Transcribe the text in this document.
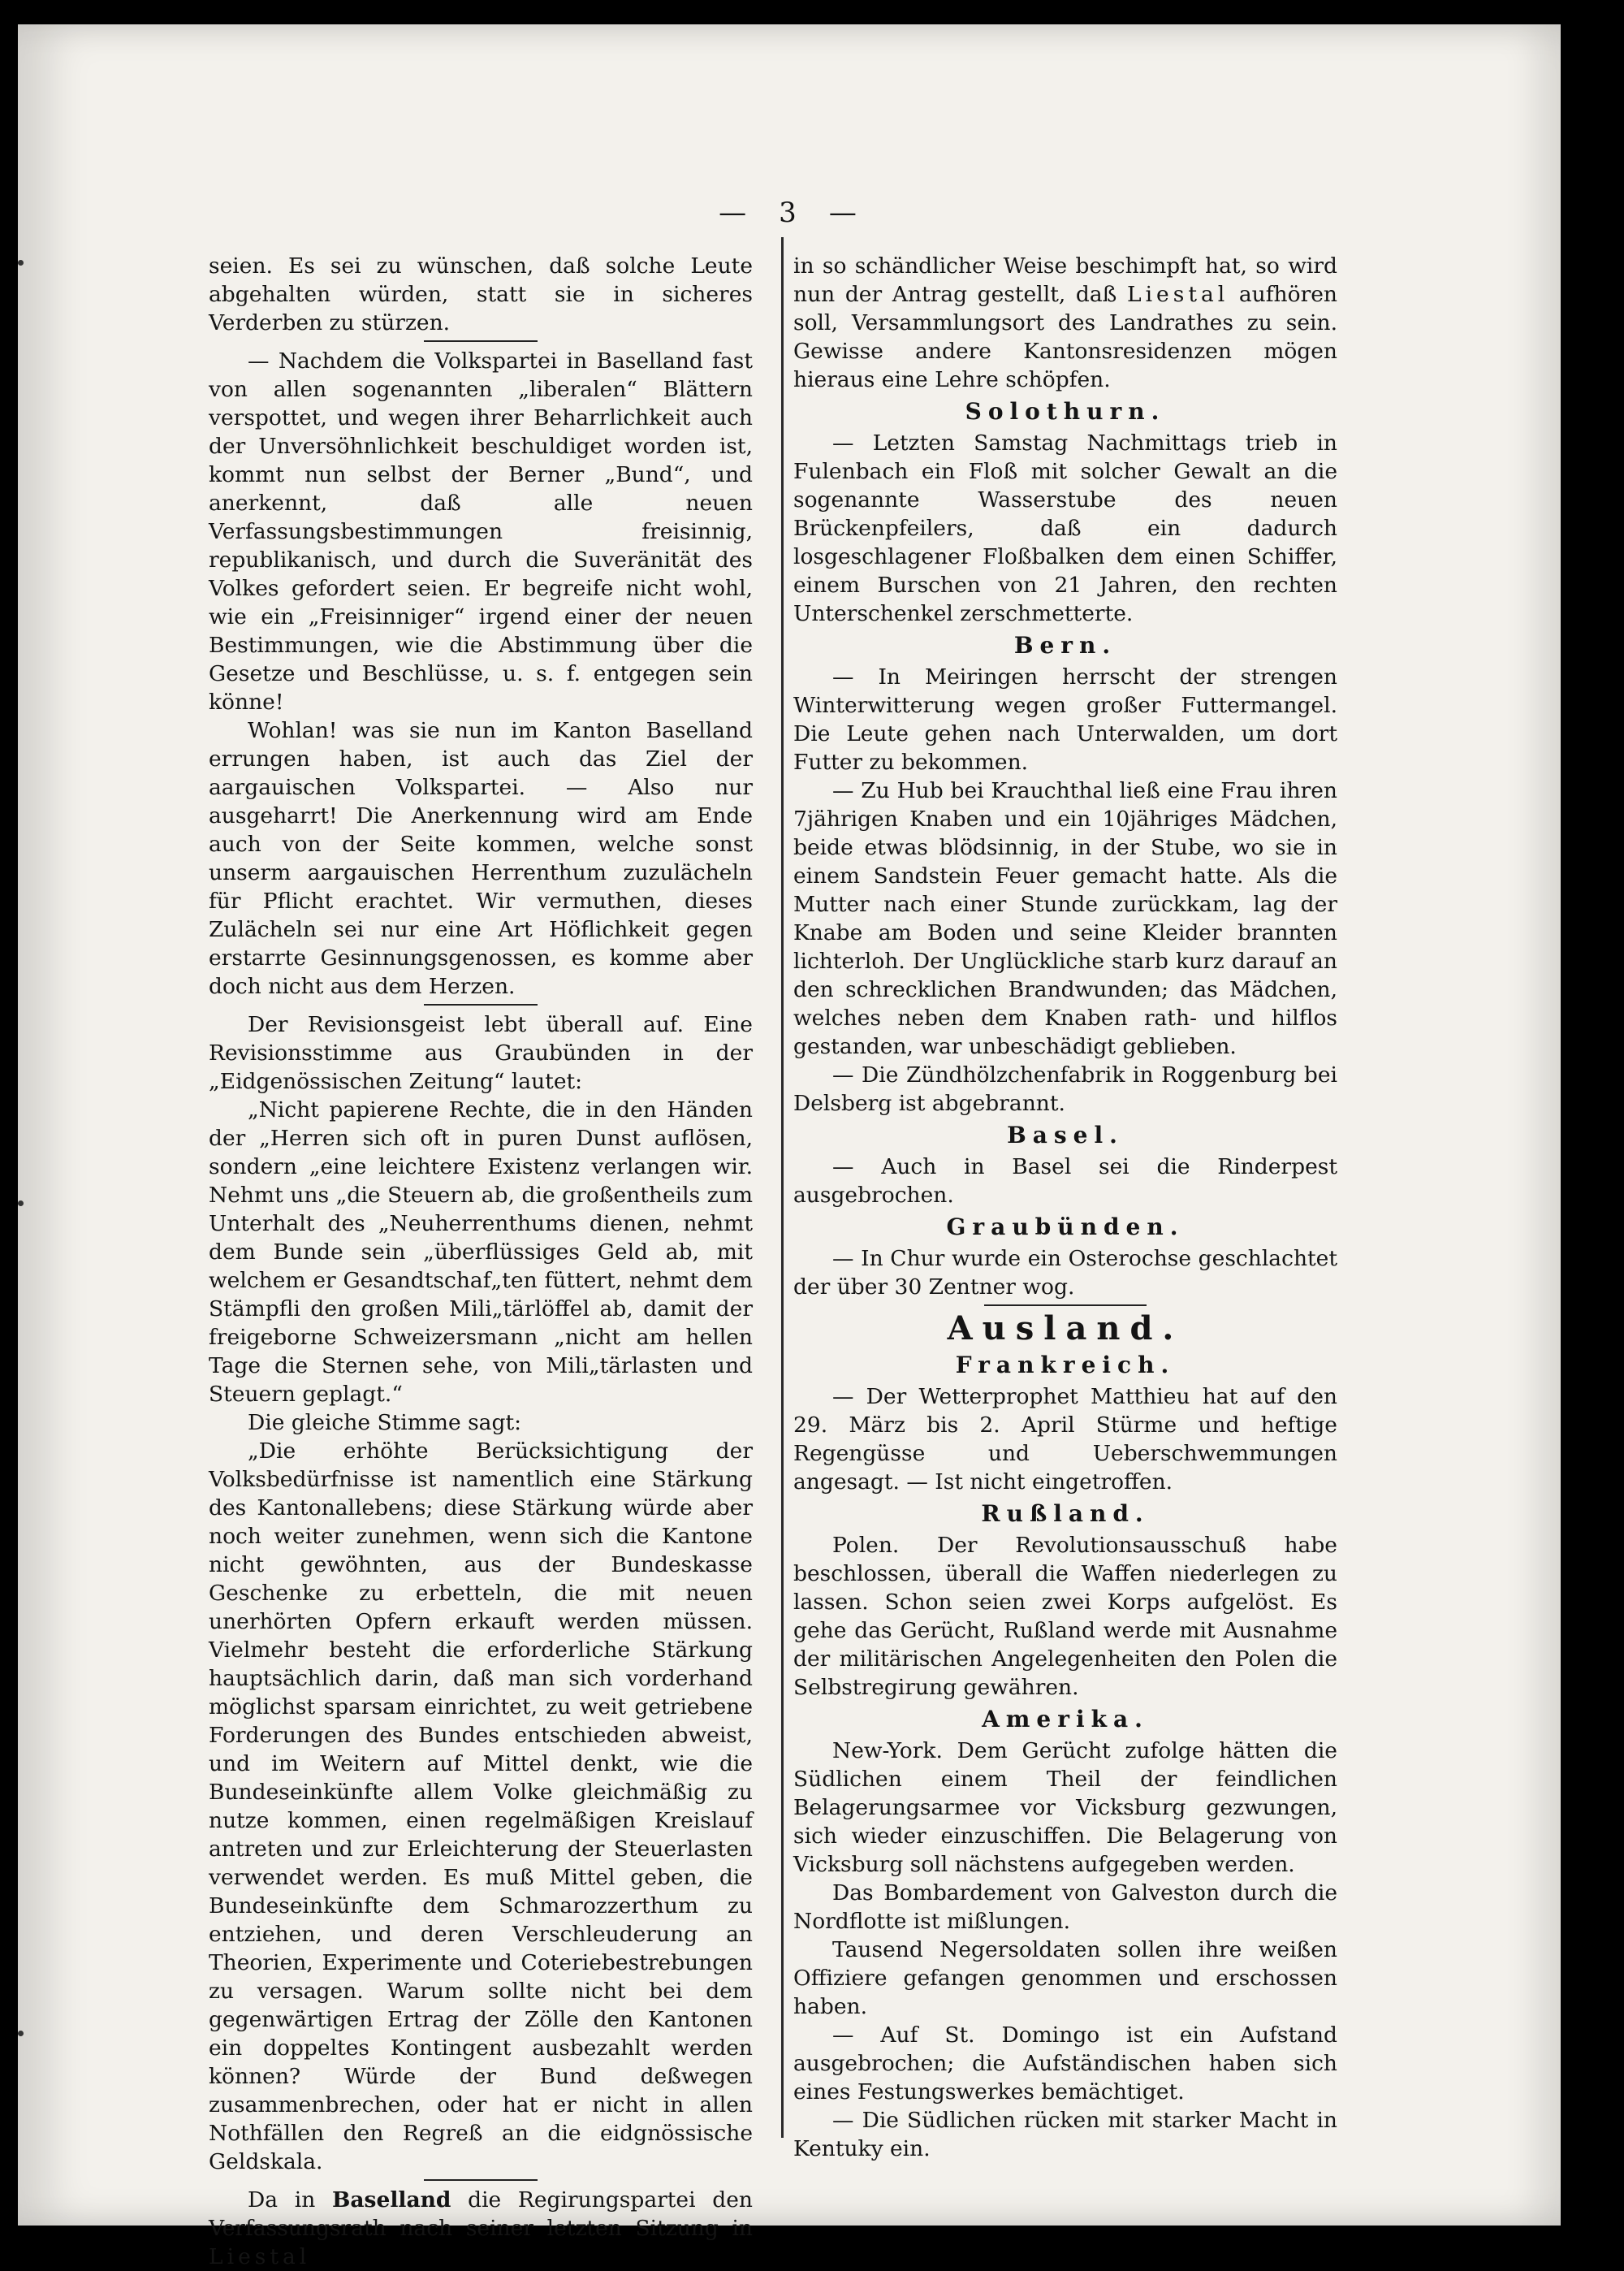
— 3 —

seien. Es sei zu wünschen, daß solche Leute abgehalten würden, statt sie in sicheres Verderben zu stürzen.

— Nachdem die Volkspartei in Baselland fast von allen sogenannten „liberalen“ Blättern verspottet, und wegen ihrer Beharrlichkeit auch der Unversöhnlichkeit beschuldiget worden ist, kommt nun selbst der Berner „Bund“, und anerkennt, daß alle neuen Verfassungsbestimmungen freisinnig, republikanisch, und durch die Suveränität des Volkes gefordert seien. Er begreife nicht wohl, wie ein „Freisinniger“ irgend einer der neuen Bestimmungen, wie die Abstimmung über die Gesetze und Beschlüsse, u. s. f. entgegen sein könne!

Wohlan! was sie nun im Kanton Baselland errungen haben, ist auch das Ziel der aargauischen Volkspartei. — Also nur ausgeharrt! Die Anerkennung wird am Ende auch von der Seite kommen, welche sonst unserm aargauischen Herrenthum zuzulächeln für Pflicht erachtet. Wir vermuthen, dieses Zulächeln sei nur eine Art Höflichkeit gegen erstarrte Gesinnungsgenossen, es komme aber doch nicht aus dem Herzen.

Der Revisionsgeist lebt überall auf. Eine Revisionsstimme aus Graubünden in der „Eidgenössischen Zeitung“ lautet:

„Nicht papierene Rechte, die in den Händen der „Herren sich oft in puren Dunst auflösen, sondern „eine leichtere Existenz verlangen wir. Nehmt uns „die Steuern ab, die großentheils zum Unterhalt des „Neuherrenthums dienen, nehmt dem Bunde sein „überflüssiges Geld ab, mit welchem er Gesandtschaf„ten füttert, nehmt dem Stämpfli den großen Mili„tärlöffel ab, damit der freigeborne Schweizersmann „nicht am hellen Tage die Sternen sehe, von Mili„tärlasten und Steuern geplagt.“

Die gleiche Stimme sagt:

„Die erhöhte Berücksichtigung der Volksbedürfnisse ist namentlich eine Stärkung des Kantonallebens; diese Stärkung würde aber noch weiter zunehmen, wenn sich die Kantone nicht gewöhnten, aus der Bundeskasse Geschenke zu erbetteln, die mit neuen unerhörten Opfern erkauft werden müssen. Vielmehr besteht die erforderliche Stärkung hauptsächlich darin, daß man sich vorderhand möglichst sparsam einrichtet, zu weit getriebene Forderungen des Bundes entschieden abweist, und im Weitern auf Mittel denkt, wie die Bundeseinkünfte allem Volke gleichmäßig zu nutze kommen, einen regelmäßigen Kreislauf antreten und zur Erleichterung der Steuerlasten verwendet werden. Es muß Mittel geben, die Bundeseinkünfte dem Schmarozzerthum zu entziehen, und deren Verschleuderung an Theorien, Experimente und Coteriebestrebungen zu versagen. Warum sollte nicht bei dem gegenwärtigen Ertrag der Zölle den Kantonen ein doppeltes Kontingent ausbezahlt werden können? Würde der Bund deßwegen zusammenbrechen, oder hat er nicht in allen Nothfällen den Regreß an die eidgnössische Geldskala.

Da in Baselland die Regirungspartei den Verfassungsrath nach seiner letzten Sitzung in Liestal

in so schändlicher Weise beschimpft hat, so wird nun der Antrag gestellt, daß Liestal aufhören soll, Versammlungsort des Landrathes zu sein. Gewisse andere Kantonsresidenzen mögen hieraus eine Lehre schöpfen.

Solothurn.

— Letzten Samstag Nachmittags trieb in Fulenbach ein Floß mit solcher Gewalt an die sogenannte Wasserstube des neuen Brückenpfeilers, daß ein dadurch losgeschlagener Floßbalken dem einen Schiffer, einem Burschen von 21 Jahren, den rechten Unterschenkel zerschmetterte.

Bern.

— In Meiringen herrscht der strengen Winterwitterung wegen großer Futtermangel. Die Leute gehen nach Unterwalden, um dort Futter zu bekommen.

— Zu Hub bei Krauchthal ließ eine Frau ihren 7jährigen Knaben und ein 10jähriges Mädchen, beide etwas blödsinnig, in der Stube, wo sie in einem Sandstein Feuer gemacht hatte. Als die Mutter nach einer Stunde zurückkam, lag der Knabe am Boden und seine Kleider brannten lichterloh. Der Unglückliche starb kurz darauf an den schrecklichen Brandwunden; das Mädchen, welches neben dem Knaben rath- und hilflos gestanden, war unbeschädigt geblieben.

— Die Zündhölzchenfabrik in Roggenburg bei Delsberg ist abgebrannt.

Basel.

— Auch in Basel sei die Rinderpest ausgebrochen.

Graubünden.

— In Chur wurde ein Osterochse geschlachtet der über 30 Zentner wog.

Ausland.
Frankreich.

— Der Wetterprophet Matthieu hat auf den 29. März bis 2. April Stürme und heftige Regengüsse und Ueberschwemmungen angesagt. — Ist nicht eingetroffen.

Rußland.

Polen. Der Revolutionsausschuß habe beschlossen, überall die Waffen niederlegen zu lassen. Schon seien zwei Korps aufgelöst. Es gehe das Gerücht, Rußland werde mit Ausnahme der militärischen Angelegenheiten den Polen die Selbstregirung gewähren.

Amerika.

New-York. Dem Gerücht zufolge hätten die Südlichen einem Theil der feindlichen Belagerungsarmee vor Vicksburg gezwungen, sich wieder einzuschiffen. Die Belagerung von Vicksburg soll nächstens aufgegeben werden.

Das Bombardement von Galveston durch die Nordflotte ist mißlungen.

Tausend Negersoldaten sollen ihre weißen Offiziere gefangen genommen und erschossen haben.

— Auf St. Domingo ist ein Aufstand ausgebrochen; die Aufständischen haben sich eines Festungswerkes bemächtiget.

— Die Südlichen rücken mit starker Macht in Kentuky ein.
